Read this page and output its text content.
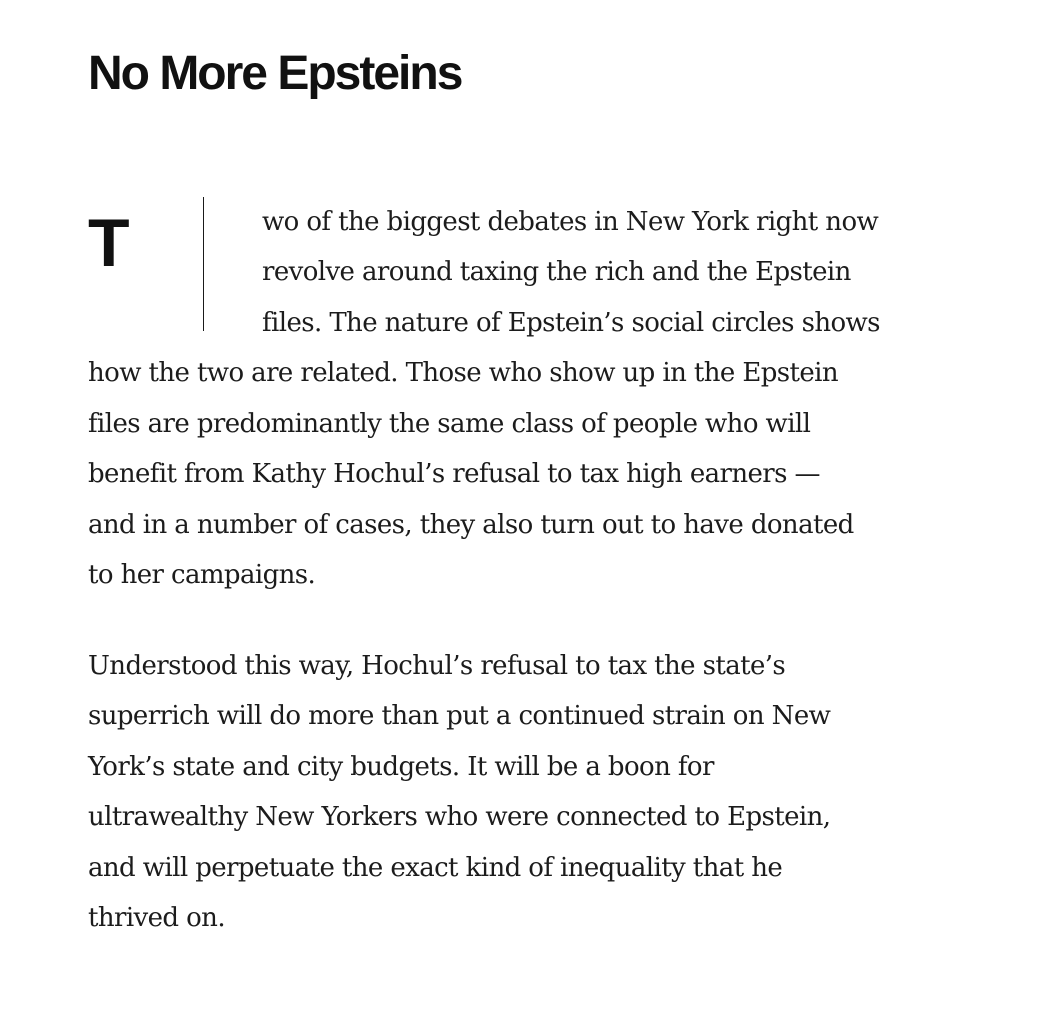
No More Epsteins
T	wo of the biggest debates in New York right now
revolve around taxing the rich and the Epstein
files. The nature of Epstein’s social circles shows
how the two are related. Those who show up in the Epstein
files are predominantly the same class of people who will
benefit from Kathy Hochul’s refusal to tax high earners —
and in a number of cases, they also turn out to have donated
to her campaigns.
Understood this way, Hochul’s refusal to tax the state’s
superrich will do more than put a continued strain on New
York’s state and city budgets. It will be a boon for
ultrawealthy New Yorkers who were connected to Epstein,
and will perpetuate the exact kind of inequality that he
thrived on.
